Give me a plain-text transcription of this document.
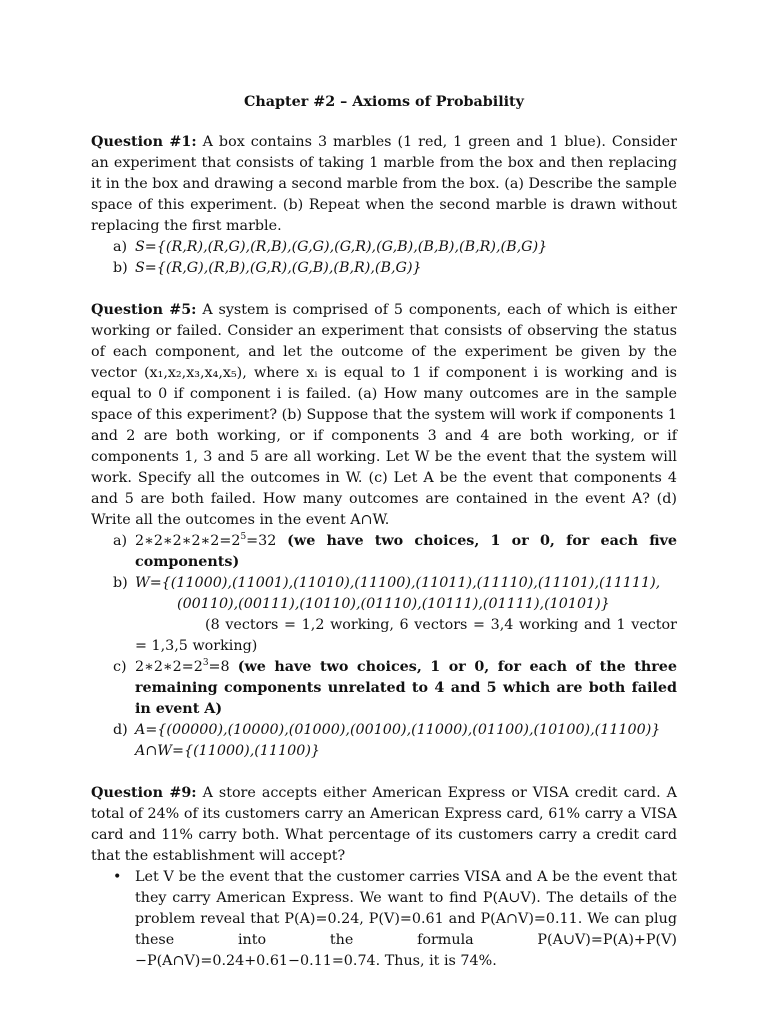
Chapter #2 – Axioms of Probability

Question #1: A box contains 3 marbles (1 red, 1 green and 1 blue). Consider an experiment that consists of taking 1 marble from the box and then replacing it in the box and drawing a second marble from the box. (a) Describe the sample space of this experiment. (b) Repeat when the second marble is drawn without replacing the first marble.

a) S={(R,R),(R,G),(R,B),(G,G),(G,R),(G,B),(B,B),(B,R),(B,G)}
b) S={(R,G),(R,B),(G,R),(G,B),(B,R),(B,G)}

Question #5: A system is comprised of 5 components, each of which is either working or failed. Consider an experiment that consists of observing the status of each component, and let the outcome of the experiment be given by the vector (x₁,x₂,x₃,x₄,x₅), where xᵢ is equal to 1 if component i is working and is equal to 0 if component i is failed. (a) How many outcomes are in the sample space of this experiment? (b) Suppose that the system will work if components 1 and 2 are both working, or if components 3 and 4 are both working, or if components 1, 3 and 5 are all working. Let W be the event that the system will work. Specify all the outcomes in W. (c) Let A be the event that components 4 and 5 are both failed. How many outcomes are contained in the event A? (d) Write all the outcomes in the event A∩W.

a) $2∗2∗2∗2∗2=2^5=32$ (we have two choices, 1 or 0, for each five components)
b) W={(11000),(11001),(11010),(11100),(11011),(11110),(11101),(11111),
(00110),(00111),(10110),(01110),(10111),(01111),(10101)}
(8 vectors = 1,2 working, 6 vectors = 3,4 working and 1 vector = 1,3,5 working)
c) $2∗2∗2=2^3=8$ (we have two choices, 1 or 0, for each of the three remaining components unrelated to 4 and 5 which are both failed in event A)
d) A={(00000),(10000),(01000),(00100),(11000),(01100),(10100),(11100)}
A∩W={(11000),(11100)}

Question #9: A store accepts either American Express or VISA credit card. A total of 24% of its customers carry an American Express card, 61% carry a VISA card and 11% carry both. What percentage of its customers carry a credit card that the establishment will accept?

• Let V be the event that the customer carries VISA and A be the event that they carry American Express. We want to find P(A∪V). The details of the problem reveal that P(A)=0.24, P(V)=0.61 and P(A∩V)=0.11. We can plug these into the formula P(A∪V)=P(A)+P(V)−P(A∩V)=0.24+0.61−0.11=0.74. Thus, it is 74%.
